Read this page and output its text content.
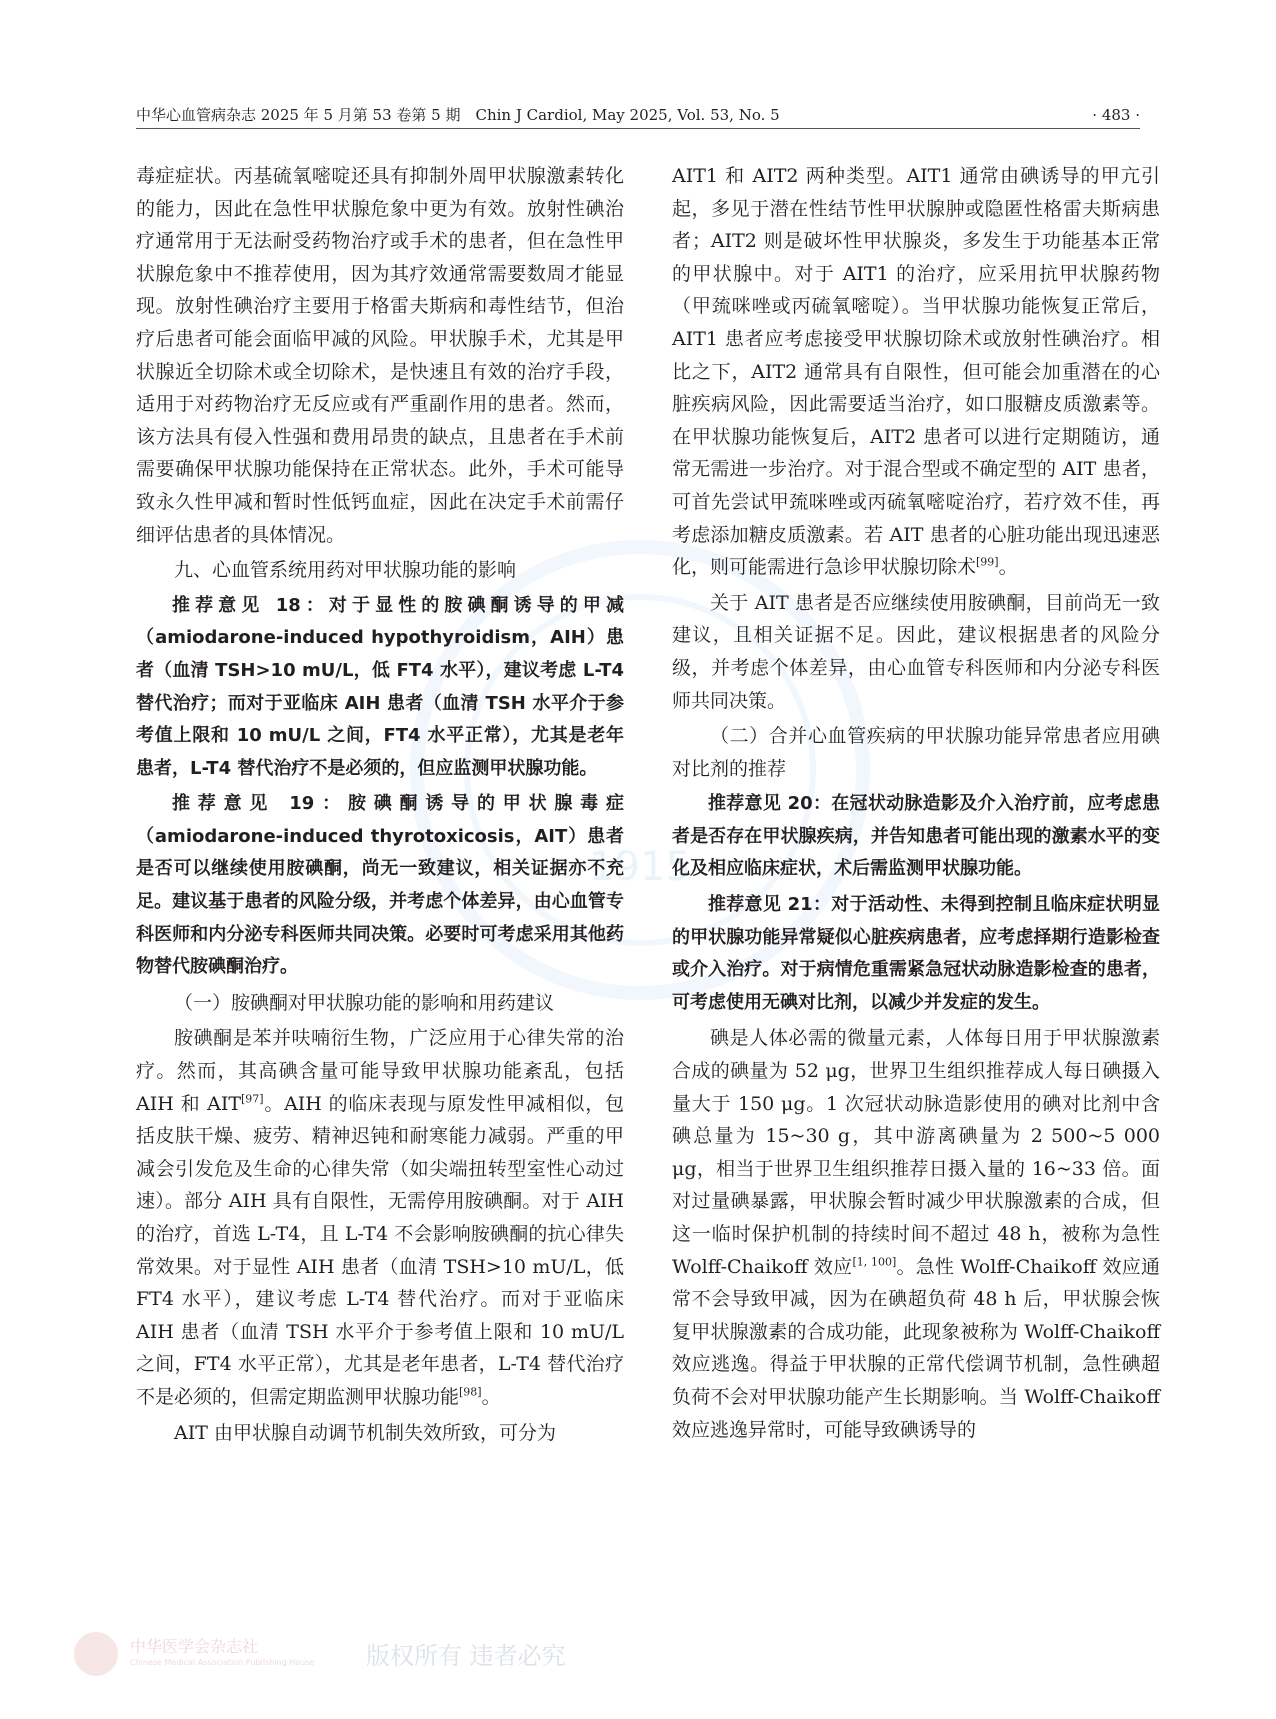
1915
中华心血管病杂志 2025 年 5 月第 53 卷第 5 期　Chin J Cardiol, May 2025, Vol. 53, No. 5	· 483 ·

毒症症状。丙基硫氧嘧啶还具有抑制外周甲状腺激素转化的能力，因此在急性甲状腺危象中更为有效。放射性碘治疗通常用于无法耐受药物治疗或手术的患者，但在急性甲状腺危象中不推荐使用，因为其疗效通常需要数周才能显现。放射性碘治疗主要用于格雷夫斯病和毒性结节，但治疗后患者可能会面临甲减的风险。甲状腺手术，尤其是甲状腺近全切除术或全切除术，是快速且有效的治疗手段，适用于对药物治疗无反应或有严重副作用的患者。然而，该方法具有侵入性强和费用昂贵的缺点，且患者在手术前需要确保甲状腺功能保持在正常状态。此外，手术可能导致永久性甲减和暂时性低钙血症，因此在决定手术前需仔细评估患者的具体情况。

九、心血管系统用药对甲状腺功能的影响

推荐意见 18：对于显性的胺碘酮诱导的甲减（amiodarone-induced hypothyroidism，AIH）患者（血清 TSH>10 mU/L，低 FT4 水平），建议考虑 L-T4 替代治疗；而对于亚临床 AIH 患者（血清 TSH 水平介于参考值上限和 10 mU/L 之间，FT4 水平正常），尤其是老年患者，L-T4 替代治疗不是必须的，但应监测甲状腺功能。

推荐意见 19：胺碘酮诱导的甲状腺毒症（amiodarone-induced thyrotoxicosis，AIT）患者是否可以继续使用胺碘酮，尚无一致建议，相关证据亦不充足。建议基于患者的风险分级，并考虑个体差异，由心血管专科医师和内分泌专科医师共同决策。必要时可考虑采用其他药物替代胺碘酮治疗。

（一）胺碘酮对甲状腺功能的影响和用药建议

胺碘酮是苯并呋喃衍生物，广泛应用于心律失常的治疗。然而，其高碘含量可能导致甲状腺功能紊乱，包括 AIH 和 AIT[97]。AIH 的临床表现与原发性甲减相似，包括皮肤干燥、疲劳、精神迟钝和耐寒能力减弱。严重的甲减会引发危及生命的心律失常（如尖端扭转型室性心动过速）。部分 AIH 具有自限性，无需停用胺碘酮。对于 AIH 的治疗，首选 L-T4，且 L-T4 不会影响胺碘酮的抗心律失常效果。对于显性 AIH 患者（血清 TSH>10 mU/L，低 FT4 水平），建议考虑 L-T4 替代治疗。而对于亚临床 AIH 患者（血清 TSH 水平介于参考值上限和 10 mU/L 之间，FT4 水平正常），尤其是老年患者，L-T4 替代治疗不是必须的，但需定期监测甲状腺功能[98]。

AIT 由甲状腺自动调节机制失效所致，可分为

AIT1 和 AIT2 两种类型。AIT1 通常由碘诱导的甲亢引起，多见于潜在性结节性甲状腺肿或隐匿性格雷夫斯病患者；AIT2 则是破坏性甲状腺炎，多发生于功能基本正常的甲状腺中。对于 AIT1 的治疗，应采用抗甲状腺药物（甲巯咪唑或丙硫氧嘧啶）。当甲状腺功能恢复正常后，AIT1 患者应考虑接受甲状腺切除术或放射性碘治疗。相比之下，AIT2 通常具有自限性，但可能会加重潜在的心脏疾病风险，因此需要适当治疗，如口服糖皮质激素等。在甲状腺功能恢复后，AIT2 患者可以进行定期随访，通常无需进一步治疗。对于混合型或不确定型的 AIT 患者，可首先尝试甲巯咪唑或丙硫氧嘧啶治疗，若疗效不佳，再考虑添加糖皮质激素。若 AIT 患者的心脏功能出现迅速恶化，则可能需进行急诊甲状腺切除术[99]。

关于 AIT 患者是否应继续使用胺碘酮，目前尚无一致建议，且相关证据不足。因此，建议根据患者的风险分级，并考虑个体差异，由心血管专科医师和内分泌专科医师共同决策。

（二）合并心血管疾病的甲状腺功能异常患者应用碘对比剂的推荐

推荐意见 20：在冠状动脉造影及介入治疗前，应考虑患者是否存在甲状腺疾病，并告知患者可能出现的激素水平的变化及相应临床症状，术后需监测甲状腺功能。

推荐意见 21：对于活动性、未得到控制且临床症状明显的甲状腺功能异常疑似心脏疾病患者，应考虑择期行造影检查或介入治疗。对于病情危重需紧急冠状动脉造影检查的患者，可考虑使用无碘对比剂，以减少并发症的发生。

碘是人体必需的微量元素，人体每日用于甲状腺激素合成的碘量为 52 μg，世界卫生组织推荐成人每日碘摄入量大于 150 μg。1 次冠状动脉造影使用的碘对比剂中含碘总量为 15~30 g，其中游离碘量为 2 500~5 000 μg，相当于世界卫生组织推荐日摄入量的 16~33 倍。面对过量碘暴露，甲状腺会暂时减少甲状腺激素的合成，但这一临时保护机制的持续时间不超过 48 h，被称为急性 Wolff-Chaikoff 效应[1, 100]。急性 Wolff-Chaikoff 效应通常不会导致甲减，因为在碘超负荷 48 h 后，甲状腺会恢复甲状腺激素的合成功能，此现象被称为 Wolff-Chaikoff 效应逃逸。得益于甲状腺的正常代偿调节机制，急性碘超负荷不会对甲状腺功能产生长期影响。当 Wolff-Chaikoff 效应逃逸异常时，可能导致碘诱导的

中华医学会杂志社
Chinese Medical Association Publishing House 版权所有 违者必究
